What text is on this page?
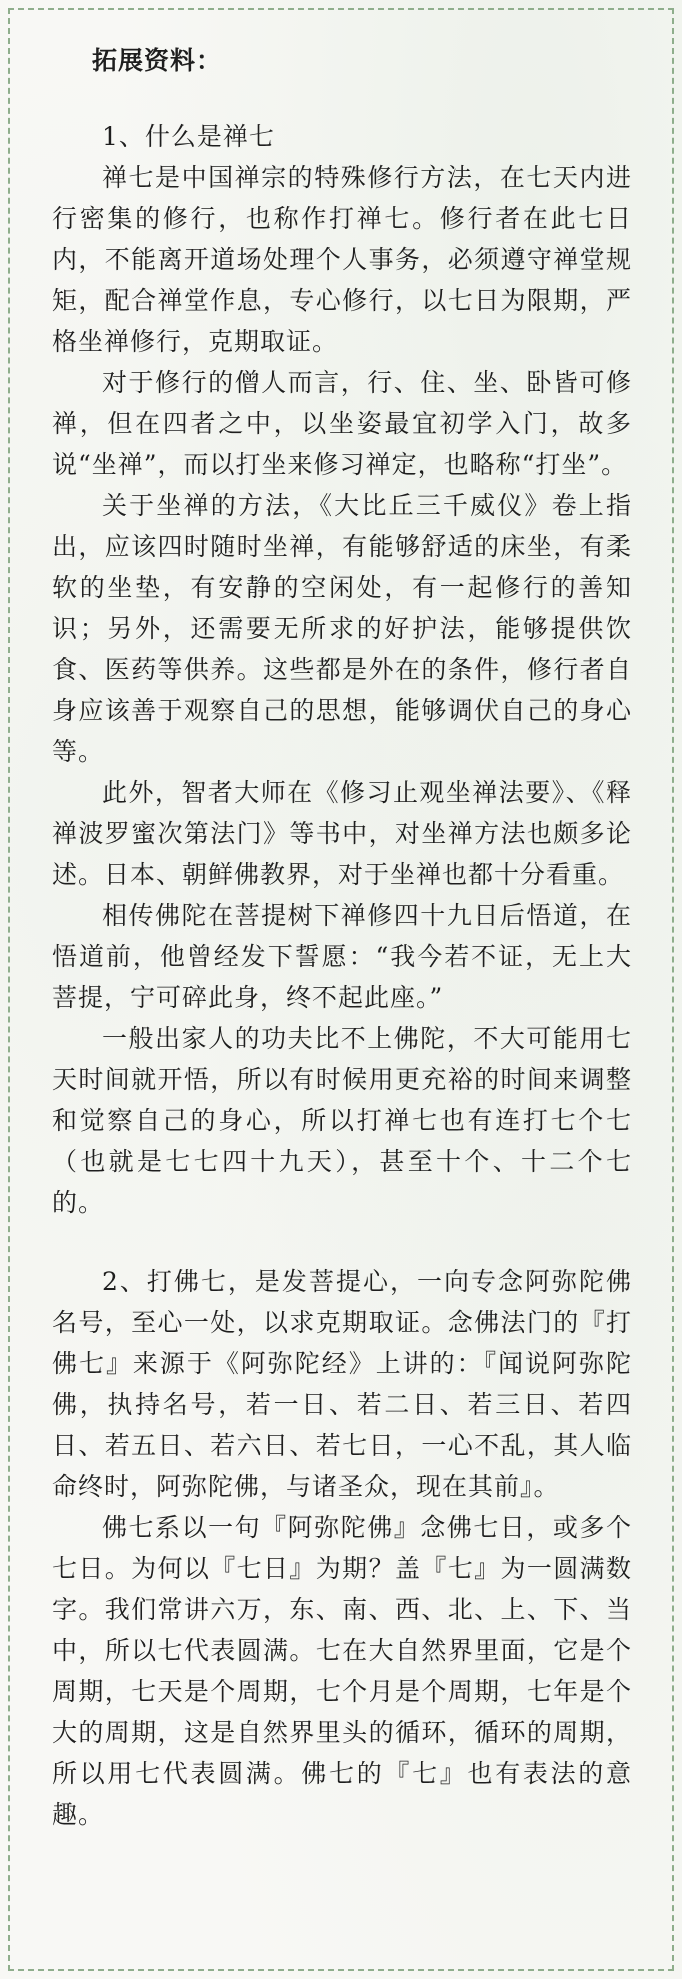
拓展资料：

1、什么是禅七

禅七是中国禅宗的特殊修行方法，在七天内进行密集的修行，也称作打禅七。修行者在此七日内，不能离开道场处理个人事务，必须遵守禅堂规矩，配合禅堂作息，专心修行，以七日为限期，严格坐禅修行，克期取证。

对于修行的僧人而言，行、住、坐、卧皆可修禅，但在四者之中，以坐姿最宜初学入门，故多说“坐禅”，而以打坐来修习禅定，也略称“打坐”。

关于坐禅的方法，《大比丘三千威仪》卷上指出，应该四时随时坐禅，有能够舒适的床坐，有柔软的坐垫，有安静的空闲处，有一起修行的善知识；另外，还需要无所求的好护法，能够提供饮食、医药等供养。这些都是外在的条件，修行者自身应该善于观察自己的思想，能够调伏自己的身心等。

此外，智者大师在《修习止观坐禅法要》、《释禅波罗蜜次第法门》等书中，对坐禅方法也颇多论述。日本、朝鲜佛教界，对于坐禅也都十分看重。

相传佛陀在菩提树下禅修四十九日后悟道，在悟道前，他曾经发下誓愿：“我今若不证，无上大菩提，宁可碎此身，终不起此座。”

一般出家人的功夫比不上佛陀，不大可能用七天时间就开悟，所以有时候用更充裕的时间来调整和觉察自己的身心，所以打禅七也有连打七个七（也就是七七四十九天），甚至十个、十二个七的。

2、打佛七，是发菩提心，一向专念阿弥陀佛名号，至心一处，以求克期取证。念佛法门的『打佛七』来源于《阿弥陀经》上讲的：『闻说阿弥陀佛，执持名号，若一日、若二日、若三日、若四日、若五日、若六日、若七日，一心不乱，其人临命终时，阿弥陀佛，与诸圣众，现在其前』。

佛七系以一句『阿弥陀佛』念佛七日，或多个七日。为何以『七日』为期？盖『七』为一圆满数字。我们常讲六万，东、南、西、北、上、下、当中，所以七代表圆满。七在大自然界里面，它是个周期，七天是个周期，七个月是个周期，七年是个大的周期，这是自然界里头的循环，循环的周期，所以用七代表圆满。佛七的『七』也有表法的意趣。
